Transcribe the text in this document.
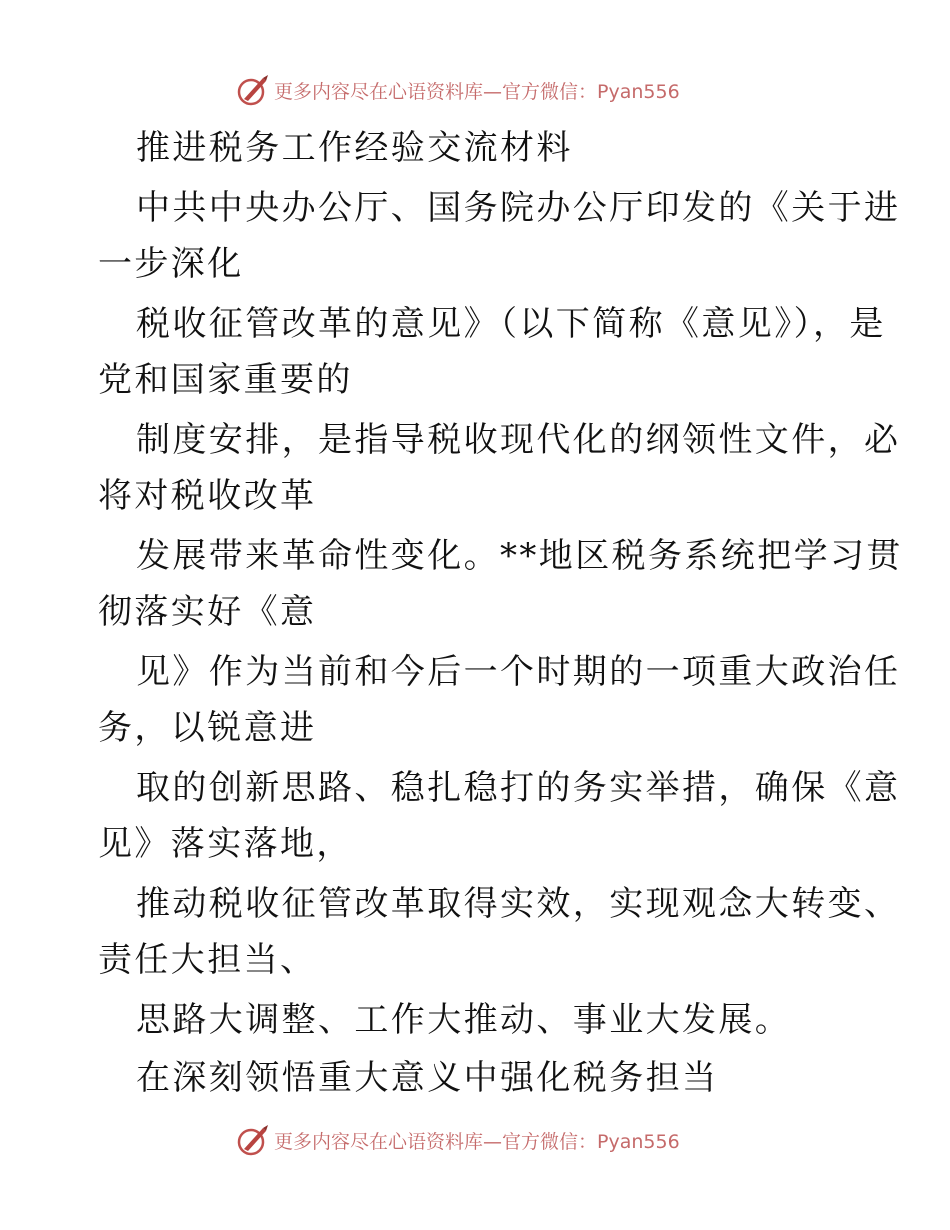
更多内容尽在心语资料库—官方微信：Pyan556
推进税务工作经验交流材料
中共中央办公厅、国务院办公厅印发的《关于进
一步深化
税收征管改革的意见》（以下简称《意见》），是
党和国家重要的
制度安排，是指导税收现代化的纲领性文件，必
将对税收改革
发展带来革命性变化。**地区税务系统把学习贯
彻落实好《意
见》作为当前和今后一个时期的一项重大政治任
务，以锐意进
取的创新思路、稳扎稳打的务实举措，确保《意
见》落实落地，
推动税收征管改革取得实效，实现观念大转变、
责任大担当、
思路大调整、工作大推动、事业大发展。
在深刻领悟重大意义中强化税务担当
更多内容尽在心语资料库—官方微信：Pyan556
